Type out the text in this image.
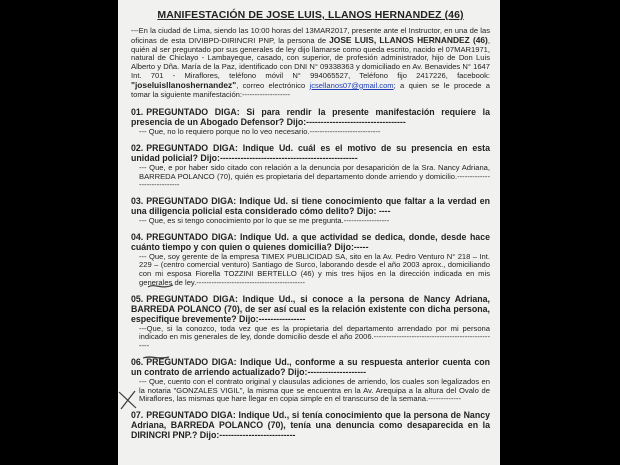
MANIFESTACIÓN DE JOSE LUIS, LLANOS HERNANDEZ (46)
---En la ciudad de Lima, siendo las 10:00 horas del 13MAR2017, presente ante el Instructor, en una de las oficinas de esta DIVIBPD-DIRINCRI PNP, la persona de JOSE LUIS, LLANOS HERNANDEZ (46), quién al ser preguntado por sus generales de ley dijo llamarse como queda escrito, nacido el 07MAR1971, natural de Chiclayo - Lambayeque, casado, con superior, de profesión administrador, hijo de Don Luis Alberto y Dña. María de la Paz, identificado con DNI N° 09338363 y domiciliado en Av. Benavides N° 1647 Int. 701 - Miraflores, teléfono móvil N° 994065527, Teléfono fijo 2417226, facebook: "joseluisllanoshernandez", correo electrónico jcsellanos07@gmail.com; a quien se le procede a tomar la siguiente manifestación:-------------------
01. PREGUNTADO DIGA: Si para rendir la presente manifestación requiere la presencia de un Abogado Defensor? Dijo:----------------------------------
--- Que, no lo requiero porque no lo veo necesario.----------------------------
02. PREGUNTADO DIGA: Indique Ud. cuál es el motivo de su presencia en esta unidad policial? Dijo:-----------------------------------------------
--- Que, e por haber sido citado con relación a la denuncia por desaparición de la Sra. Nancy Adriana, BARREDA POLANCO (70), quién es propietaria del departamento donde arriendo y domicilio.-----------------------------
03. PREGUNTADO DIGA: Indique Ud. si tiene conocimiento que faltar a la verdad en una diligencia policial esta considerado cómo delito? Dijo: ----
--- Que, es si tengo conocimiento por lo que se me pregunta.------------------
04. PREGUNTADO DIGA: Indique Ud. a que actividad se dedica, donde, desde hace cuánto tiempo y con quien o quienes domicilia? Dijo:-----
--- Que, soy gerente de la empresa TIMEX PUBLICIDAD SA, sito en la Av. Pedro Venturo N° 218 – Int. 229 – (centro comercial venturo) Santiago de Surco, laborando desde el año 2003 aprox., domiciliando con mi esposa Fiorella TOZZINI BERTELLO (46) y mis tres hijos en la dirección indicada en mis generales de ley.-------------------------------------------
05. PREGUNTADO DIGA: Indique Ud., si conoce a la persona de Nancy Adriana, BARREDA POLANCO (70), de ser así cual es la relación existente con dicha persona, especifique brevemente? Dijo:----------------
---Que, si la conozco, toda vez que es la propietaria del departamento arrendado por mi persona indicado en mis generales de ley, donde domicilio desde el año 2006.--------------------------------------------------
06. PREGUNTADO DIGA: Indique Ud., conforme a su respuesta anterior cuenta con un contrato de arriendo actualizado? Dijo:--------------------
--- Que, cuento con el contrato original y clausulas adiciones de arriendo, los cuales son legalizados en la notaria "GONZALES VIGIL", la misma que se encuentra en la Av. Arequipa a la altura del Ovalo de Miraflores, las mismas que hare llegar en copia simple en el transcurso de la semana.-------------
07. PREGUNTADO DIGA: Indique Ud., si tenía conocimiento que la persona de Nancy Adriana, BARREDA POLANCO (70), tenía una denuncia como desaparecida en la DIRINCRI PNP.? Dijo:--------------------------
